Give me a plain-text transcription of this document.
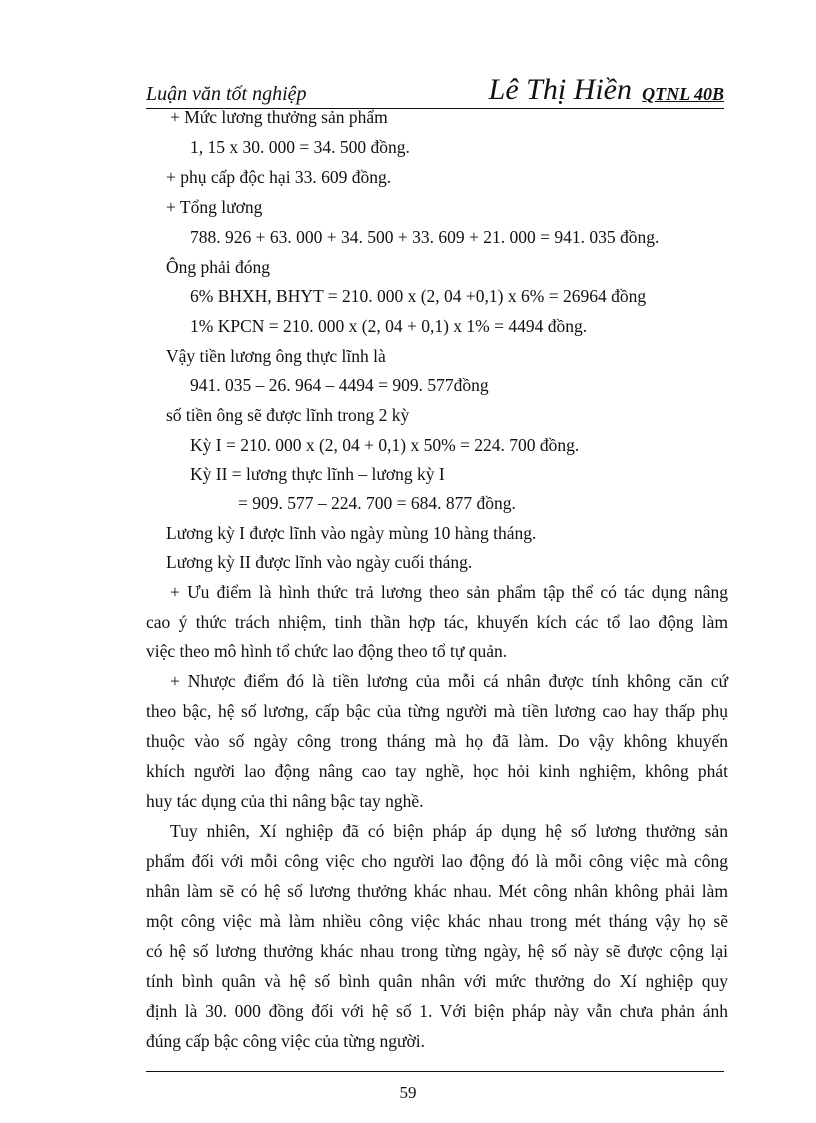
Luận văn tốt nghiệp	Lê Thị Hiền QTNL 40B
+ Mức lương thưởng sản phẩm
1, 15 x 30. 000 = 34. 500 đồng.
+ phụ cấp độc hại 33. 609 đồng.
+ Tổng lương
788. 926 + 63. 000 + 34. 500 + 33. 609 + 21. 000 = 941. 035 đồng.
Ông phải đóng
6% BHXH, BHYT = 210. 000 x (2, 04 +0,1) x 6% = 26964 đồng
1% KPCN = 210. 000 x (2, 04 + 0,1) x 1% = 4494 đồng.
Vậy tiền lương ông thực lĩnh là
941. 035 – 26. 964 – 4494 = 909. 577đồng
số tiền ông sẽ được lĩnh trong 2 kỳ
Kỳ I = 210. 000 x (2, 04 + 0,1) x 50% = 224. 700 đồng.
Kỳ II = lương thực lĩnh – lương kỳ I
= 909. 577 – 224. 700 = 684. 877 đồng.
Lương kỳ I được lĩnh vào ngày mùng 10 hàng tháng.
Lương kỳ II được lĩnh vào ngày cuối tháng.
+ Ưu điểm là hình thức trả lương theo sản phẩm tập thể có tác dụng nâng
cao ý thức trách nhiệm, tinh thần hợp tác, khuyến kích các tổ lao động làm
việc theo mô hình tổ chức lao động theo tổ tự quản.
+ Nhược điểm đó là tiền lương của mỗi cá nhân được tính không căn cứ
theo bậc, hệ số lương, cấp bậc của từng người mà tiền lương cao hay thấp phụ
thuộc vào số ngày công trong tháng mà họ đã làm. Do vậy không khuyến
khích người lao động nâng cao tay nghề, học hỏi kinh nghiệm, không phát
huy tác dụng của thi nâng bậc tay nghề.
Tuy nhiên, Xí nghiệp đã có biện pháp áp dụng hệ số lương thưởng sản
phẩm đối với mỗi công việc cho người lao động đó là mỗi công việc mà công
nhân làm sẽ có hệ số lương thưởng khác nhau. Mét công nhân không phải làm
một công việc mà làm nhiều công việc khác nhau trong mét tháng vậy họ sẽ
có hệ số lương thưởng khác nhau trong từng ngày, hệ số này sẽ được cộng lại
tính bình quân và hệ số bình quân nhân với mức thưởng do Xí nghiệp quy
định là 30. 000 đồng đối với hệ số 1. Với biện pháp này vẫn chưa phản ánh
đúng cấp bậc công việc của từng người.
59
